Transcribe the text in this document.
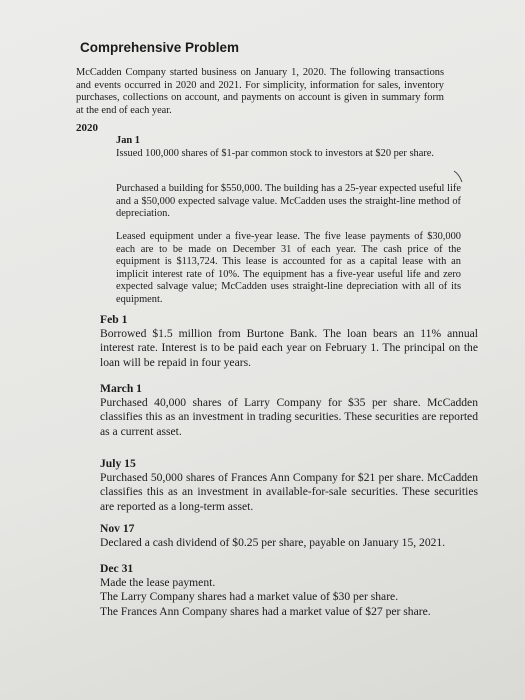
Comprehensive Problem
McCadden Company started business on January 1, 2020. The following transactions and events occurred in 2020 and 2021. For simplicity, information for sales, inventory purchases, collections on account, and payments on account is given in summary form at the end of each year.
2020
Jan 1
Issued 100,000 shares of $1-par common stock to investors at $20 per share.
Purchased a building for $550,000. The building has a 25-year expected useful life and a $50,000 expected salvage value. McCadden uses the straight-line method of depreciation.
Leased equipment under a five-year lease. The five lease payments of $30,000 each are to be made on December 31 of each year. The cash price of the equipment is $113,724. This lease is accounted for as a capital lease with an implicit interest rate of 10%. The equipment has a five-year useful life and zero expected salvage value; McCadden uses straight-line depreciation with all of its equipment.
Feb 1
Borrowed $1.5 million from Burtone Bank. The loan bears an 11% annual interest rate. Interest is to be paid each year on February 1. The principal on the loan will be repaid in four years.
March 1
Purchased 40,000 shares of Larry Company for $35 per share. McCadden classifies this as an investment in trading securities. These securities are reported as a current asset.
July 15
Purchased 50,000 shares of Frances Ann Company for $21 per share. McCadden classifies this as an investment in available-for-sale securities. These securities are reported as a long-term asset.
Nov 17
Declared a cash dividend of $0.25 per share, payable on January 15, 2021.
Dec 31
Made the lease payment.
The Larry Company shares had a market value of $30 per share.
The Frances Ann Company shares had a market value of $27 per share.
